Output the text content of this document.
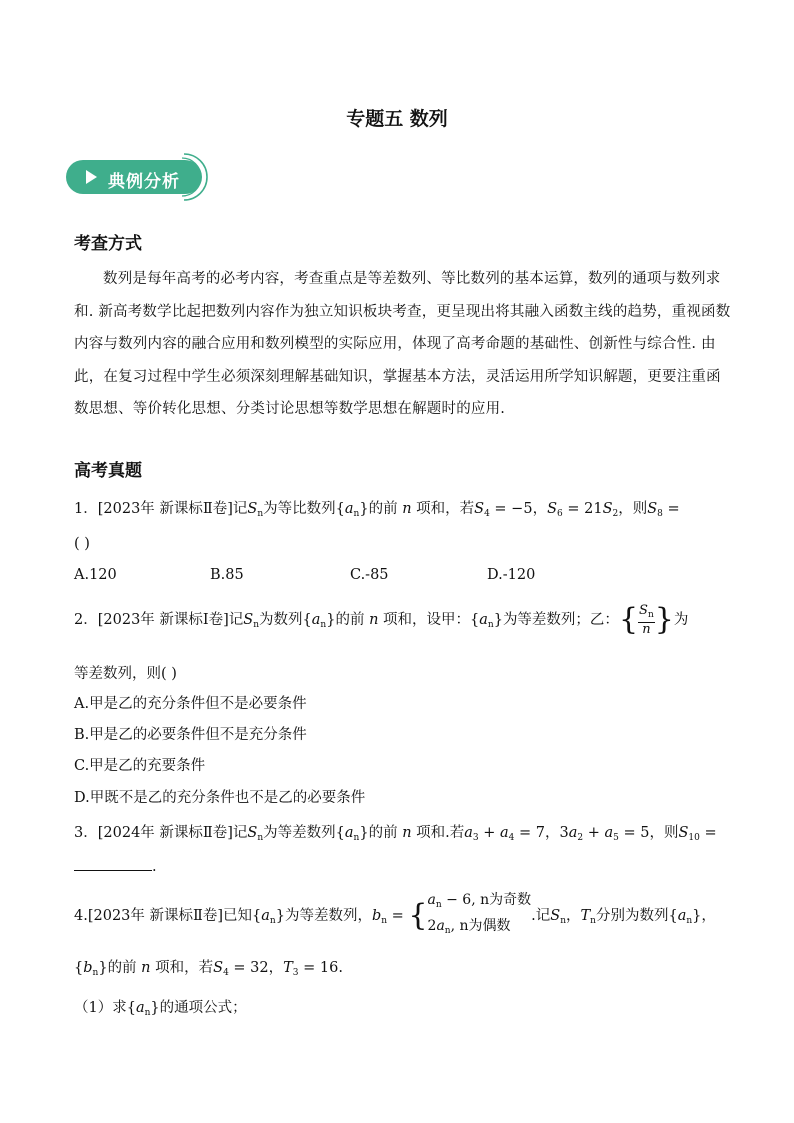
专题五 数列
典例分析
考查方式
数列是每年高考的必考内容，考查重点是等差数列、等比数列的基本运算，数列的通项与数列求和. 新高考数学比起把数列内容作为独立知识板块考查，更呈现出将其融入函数主线的趋势，重视函数内容与数列内容的融合应用和数列模型的实际应用，体现了高考命题的基础性、创新性与综合性. 由此，在复习过程中学生必须深刻理解基础知识，掌握基本方法，灵活运用所学知识解题，更要注重函数思想、等价转化思想、分类讨论思想等数学思想在解题时的应用.
高考真题
1．[2023年 新课标Ⅱ卷]记$S_n$为等比数列$\{a_n\}$的前 n 项和，若$S_4 = -5$，$S_6 = 21S_2$，则$S_8$ =
( )
A.120	B.85	C.-85	D.-120
2．[2023年 新课标Ⅰ卷]记$S_n$为数列$\{a_n\}$的前 n 项和，设甲：$\{a_n\}$为等差数列；乙：{ $\frac{S_n}{n}$ }为
等差数列，则( )
A.甲是乙的充分条件但不是必要条件
B.甲是乙的必要条件但不是充分条件
C.甲是乙的充要条件
D.甲既不是乙的充分条件也不是乙的必要条件
3．[2024年 新课标Ⅱ卷]记$S_n$为等差数列$\{a_n\}$的前 n 项和.若$a_3 + a_4 = 7$，$3a_2 + a_5 = 5$，则$S_{10}$ =
.
4.[2023年 新课标Ⅱ卷]已知$\{a_n\}$为等差数列，$b_n$ = { $a_n - 6$, n为奇数
$2a_n$, n为偶数
.记$S_n$，$T_n$分别为数列$\{a_n\}$，
$\{b_n\}$的前 n 项和，若$S_4 = 32$，$T_3 = 16$.
（1）求$\{a_n\}$的通项公式；
